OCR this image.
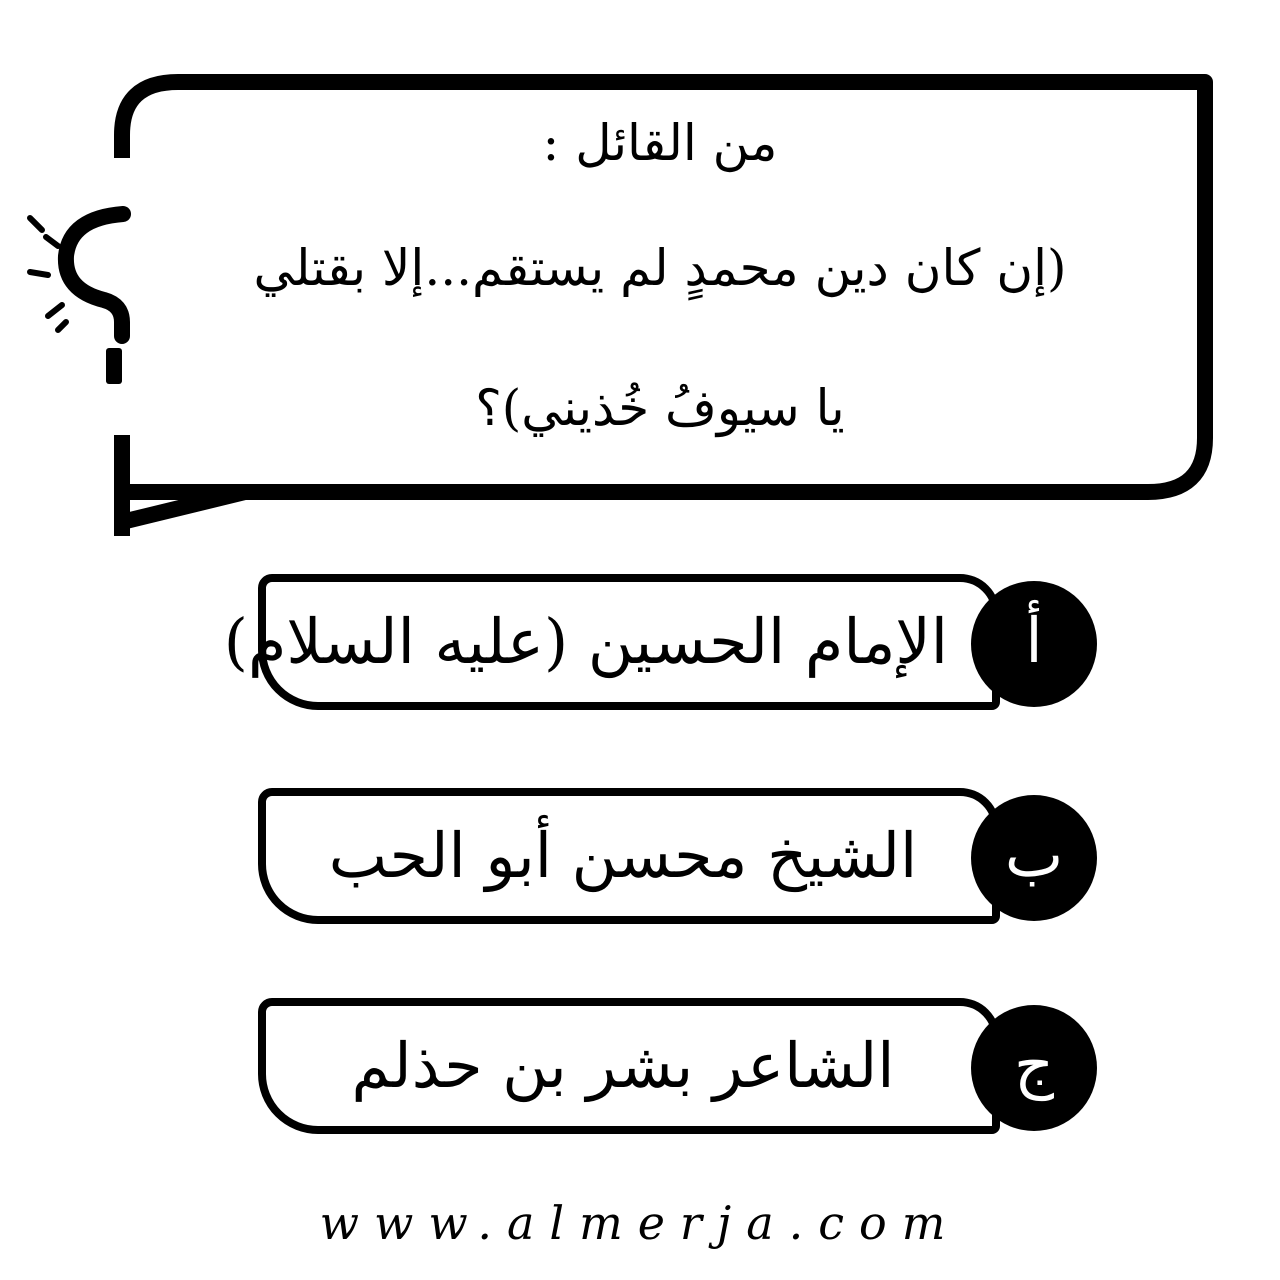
من القائل :
(إن كان دين محمدٍ لم يستقم...إلا بقتلي
يا سيوفُ خُذيني)؟
الإمام الحسين (عليه السلام)	أ
الشيخ محسن أبو الحب	ب
الشاعر بشر بن حذلم	ج
www.almerja.com
